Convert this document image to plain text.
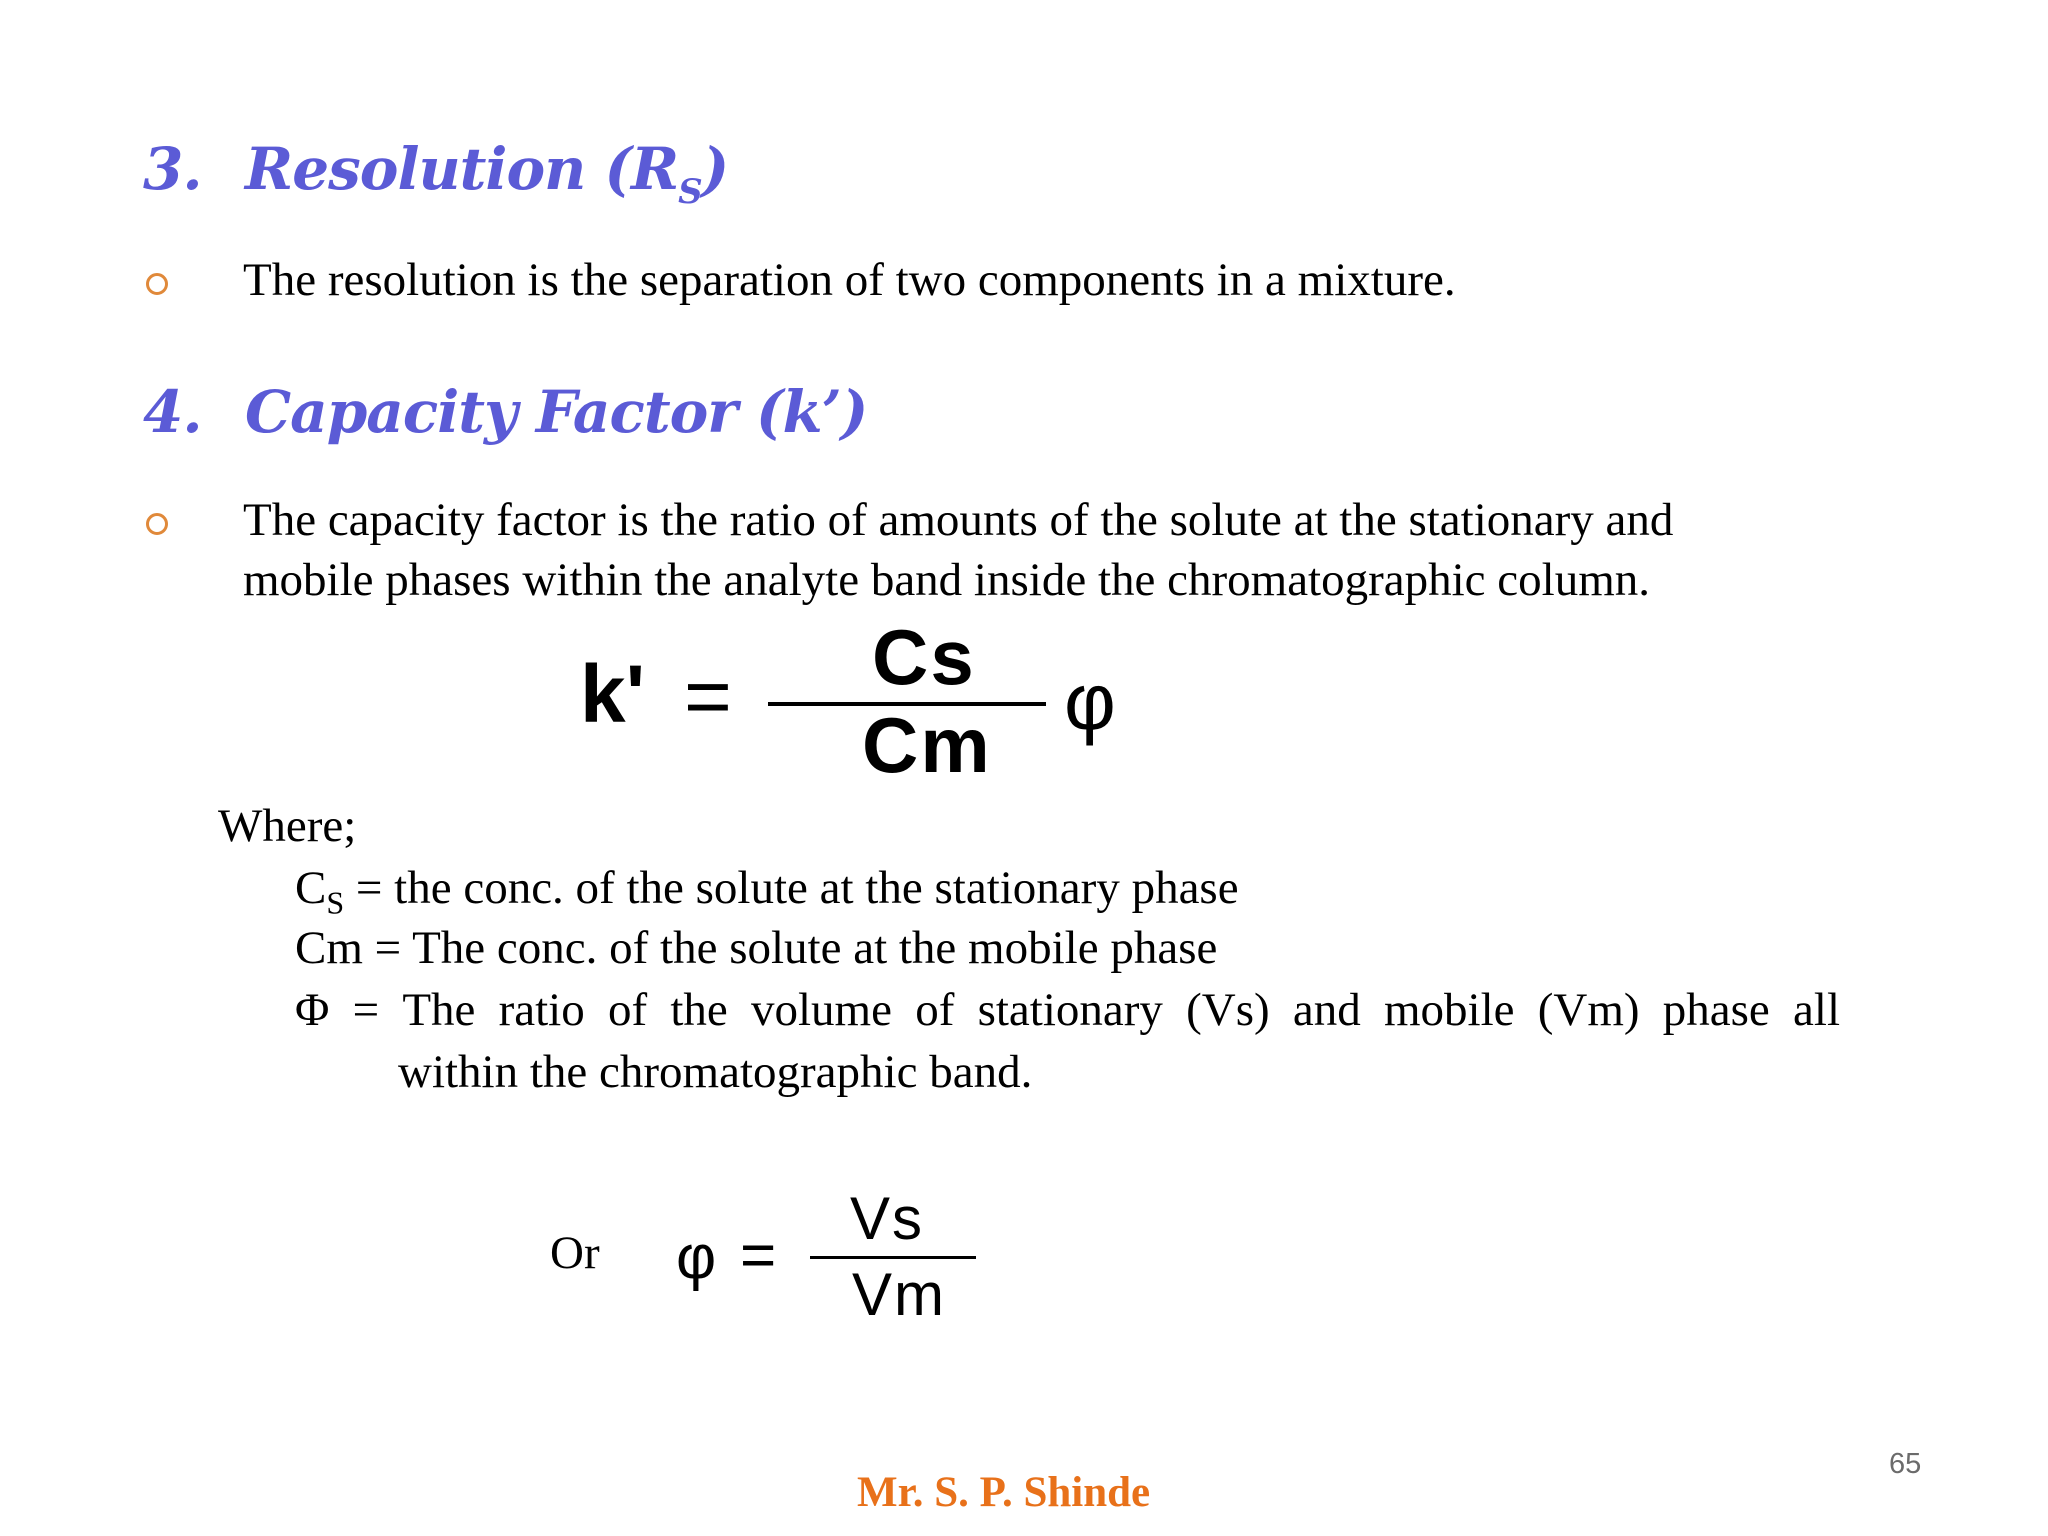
3. Resolution $(R_S)$
The resolution is the separation of two components in a mixture.
4. Capacity Factor (k’)
The capacity factor is the ratio of amounts of the solute at the stationary and
mobile phases within the analyte band inside the chromatographic column.
k' = Cs
Cm φ
Where;
$C_S$ = the conc. of the solute at the stationary phase
Cm = The conc. of the solute at the mobile phase
Φ = The ratio of the volume of stationary (Vs) and mobile (Vm) phase all
within the chromatographic band.
Or φ =
Vs
Vm
65
Mr. S. P. Shinde
